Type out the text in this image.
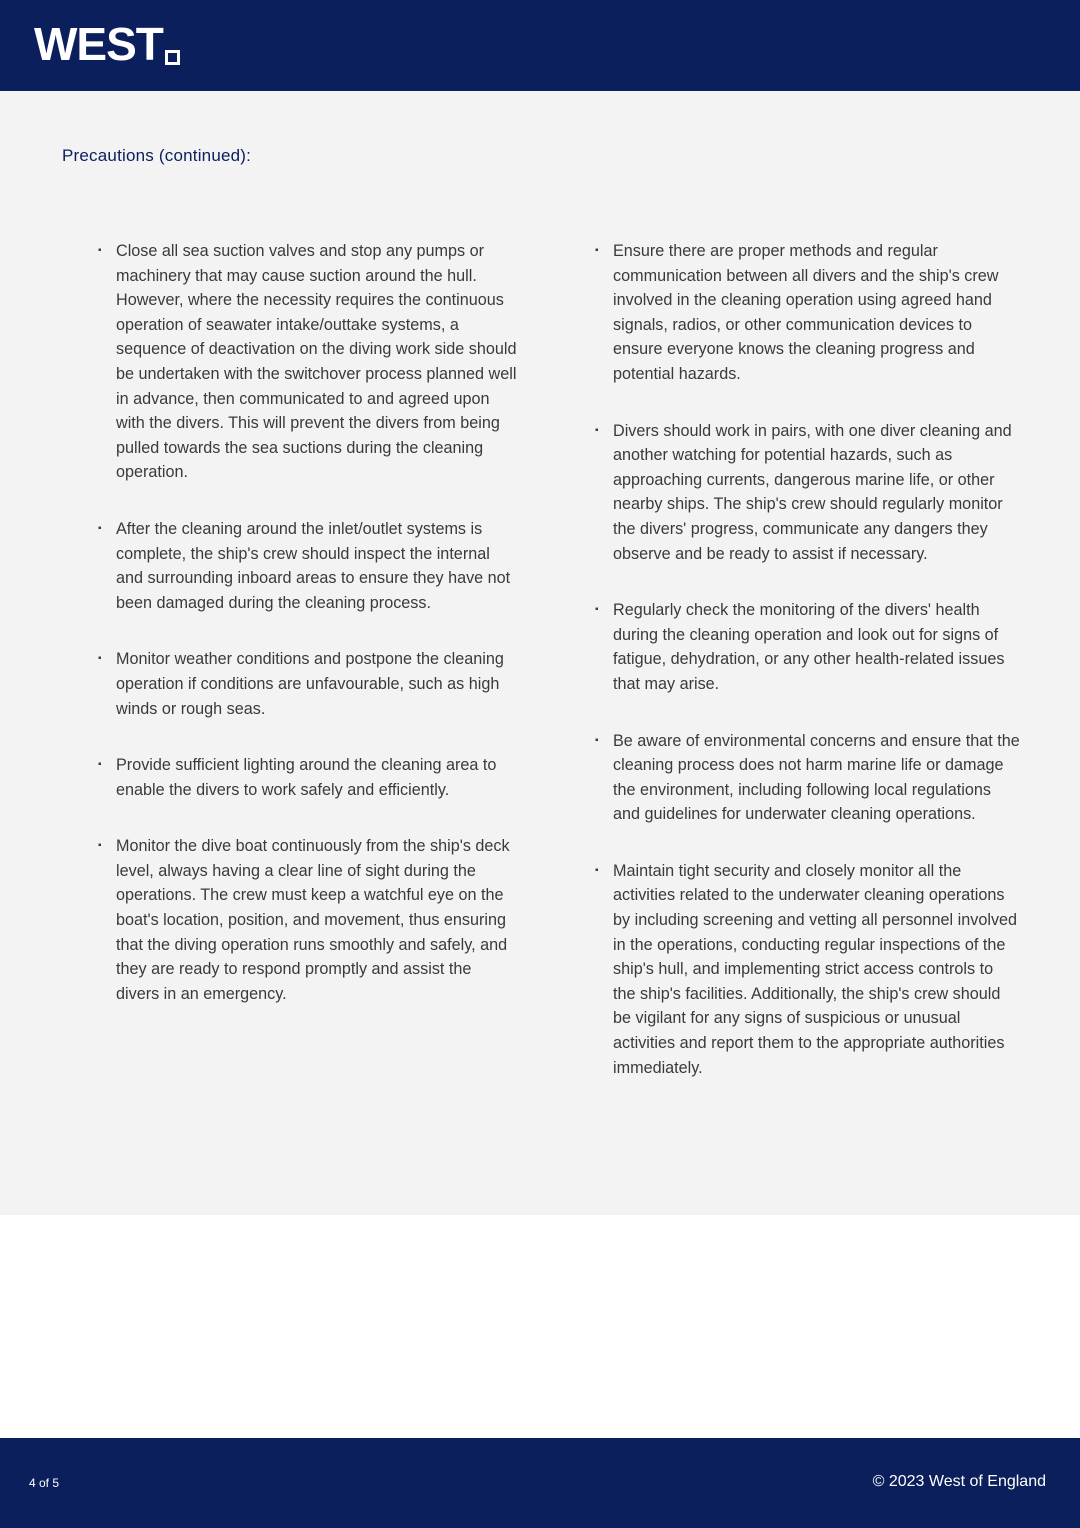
WEST
Precautions (continued):
▪ Close all sea suction valves and stop any pumps or machinery that may cause suction around the hull. However, where the necessity requires the continuous operation of seawater intake/outtake systems, a sequence of deactivation on the diving work side should be undertaken with the switchover process planned well in advance, then communicated to and agreed upon with the divers. This will prevent the divers from being pulled towards the sea suctions during the cleaning operation.
▪ After the cleaning around the inlet/outlet systems is complete, the ship's crew should inspect the internal and surrounding inboard areas to ensure they have not been damaged during the cleaning process.
▪ Monitor weather conditions and postpone the cleaning operation if conditions are unfavourable, such as high winds or rough seas.
▪ Provide sufficient lighting around the cleaning area to enable the divers to work safely and efficiently.
▪ Monitor the dive boat continuously from the ship's deck level, always having a clear line of sight during the operations. The crew must keep a watchful eye on the boat's location, position, and movement, thus ensuring that the diving operation runs smoothly and safely, and they are ready to respond promptly and assist the divers in an emergency.
▪ Ensure there are proper methods and regular communication between all divers and the ship's crew involved in the cleaning operation using agreed hand signals, radios, or other communication devices to ensure everyone knows the cleaning progress and potential hazards.
▪ Divers should work in pairs, with one diver cleaning and another watching for potential hazards, such as approaching currents, dangerous marine life, or other nearby ships. The ship's crew should regularly monitor the divers' progress, communicate any dangers they observe and be ready to assist if necessary.
▪ Regularly check the monitoring of the divers' health during the cleaning operation and look out for signs of fatigue, dehydration, or any other health-related issues that may arise.
▪ Be aware of environmental concerns and ensure that the cleaning process does not harm marine life or damage the environment, including following local regulations and guidelines for underwater cleaning operations.
▪ Maintain tight security and closely monitor all the activities related to the underwater cleaning operations by including screening and vetting all personnel involved in the operations, conducting regular inspections of the ship's hull, and implementing strict access controls to the ship's facilities. Additionally, the ship's crew should be vigilant for any signs of suspicious or unusual activities and report them to the appropriate authorities immediately.
4 of 5	© 2023 West of England
